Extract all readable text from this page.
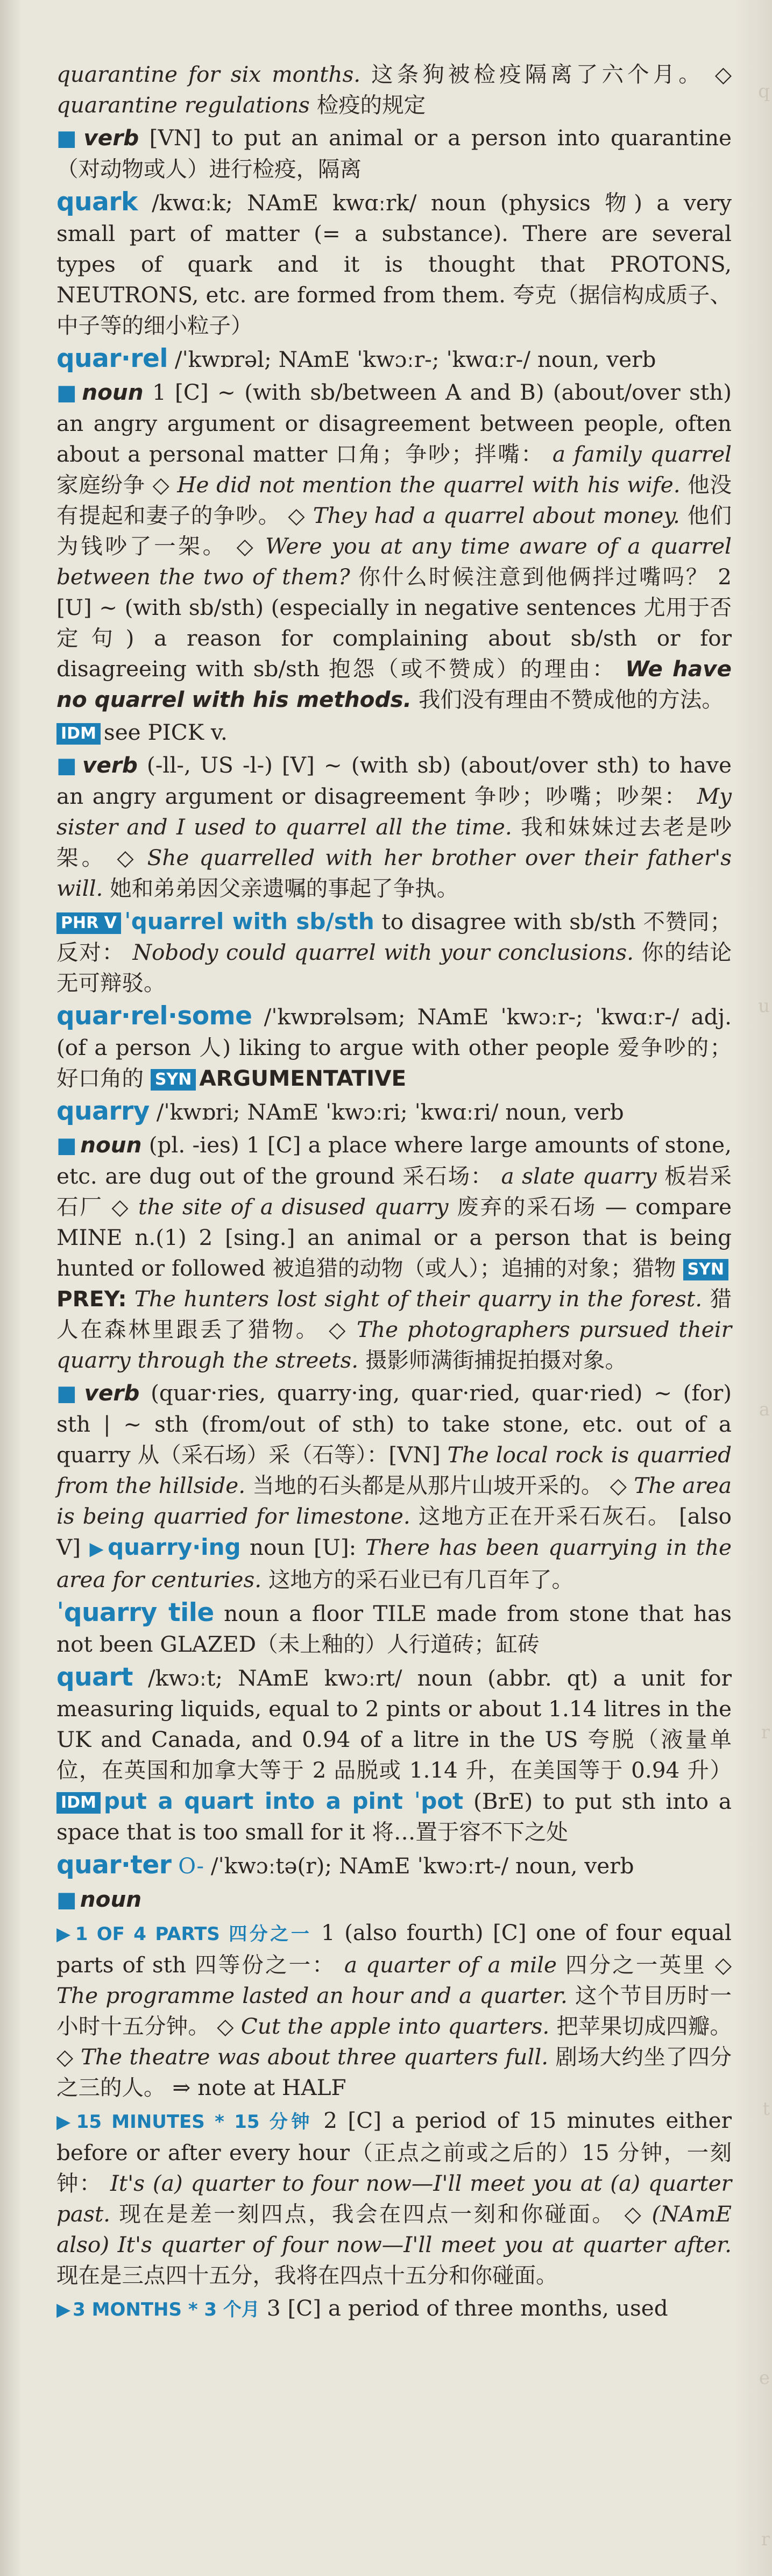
q
u
a
r
t
e
r

quarantine for six months. 这条狗被检疫隔离了六个月。 ◇ quarantine regulations 检疫的规定

■ verb [VN] to put an animal or a person into quarantine（对动物或人）进行检疫，隔离

quark /kwɑːk; NAmE kwɑːrk/ noun (physics 物) a very small part of matter (= a substance). There are several types of quark and it is thought that PROTONS, NEUTRONS, etc. are formed from them. 夸克（据信构成质子、中子等的细小粒子）

quar·rel /ˈkwɒrəl; NAmE ˈkwɔːr-; ˈkwɑːr-/ noun, verb

■ noun 1 [C] ~ (with sb/between A and B) (about/over sth) an angry argument or disagreement between people, often about a personal matter 口角；争吵；拌嘴： a family quarrel 家庭纷争 ◇ He did not mention the quarrel with his wife. 他没有提起和妻子的争吵。 ◇ They had a quarrel about money. 他们为钱吵了一架。 ◇ Were you at any time aware of a quarrel between the two of them? 你什么时候注意到他俩拌过嘴吗？ 2 [U] ~ (with sb/sth) (especially in negative sentences 尤用于否定句) a reason for complaining about sb/sth or for disagreeing with sb/sth 抱怨（或不赞成）的理由： We have no quarrel with his methods. 我们没有理由不赞成他的方法。

IDM see PICK v.

■ verb (-ll-, US -l-) [V] ~ (with sb) (about/over sth) to have an angry argument or disagreement 争吵；吵嘴；吵架： My sister and I used to quarrel all the time. 我和妹妹过去老是吵架。 ◇ She quarrelled with her brother over their father's will. 她和弟弟因父亲遗嘱的事起了争执。

PHR V ˈquarrel with sb/sth to disagree with sb/sth 不赞同；反对： Nobody could quarrel with your conclusions. 你的结论无可辩驳。

quar·rel·some /ˈkwɒrəlsəm; NAmE ˈkwɔːr-; ˈkwɑːr-/ adj. (of a person 人) liking to argue with other people 爱争吵的；好口角的 SYN ARGUMENTATIVE

quarry /ˈkwɒri; NAmE ˈkwɔːri; ˈkwɑːri/ noun, verb

■ noun (pl. -ies) 1 [C] a place where large amounts of stone, etc. are dug out of the ground 采石场： a slate quarry 板岩采石厂 ◇ the site of a disused quarry 废弃的采石场 — compare MINE n.(1) 2 [sing.] an animal or a person that is being hunted or followed 被追猎的动物（或人）；追捕的对象；猎物 SYNPREY: The hunters lost sight of their quarry in the forest. 猎人在森林里跟丢了猎物。 ◇ The photographers pursued their quarry through the streets. 摄影师满街捕捉拍摄对象。

■ verb (quar·ries, quarry·ing, quar·ried, quar·ried) ~ (for) sth | ~ sth (from/out of sth) to take stone, etc. out of a quarry 从（采石场）采（石等）：[VN] The local rock is quarried from the hillside. 当地的石头都是从那片山坡开采的。 ◇ The area is being quarried for limestone. 这地方正在开采石灰石。 [also V] ▶quarry·ing noun [U]: There has been quarrying in the area for centuries. 这地方的采石业已有几百年了。

ˈquarry tile noun a floor TILE made from stone that has not been GLAZED（未上釉的）人行道砖；缸砖

quart /kwɔːt; NAmE kwɔːrt/ noun (abbr. qt) a unit for measuring liquids, equal to 2 pints or about 1.14 litres in the UK and Canada, and 0.94 of a litre in the US 夸脱（液量单位，在英国和加拿大等于 2 品脱或 1.14 升，在美国等于 0.94 升） IDM put a quart into a pint ˈpot (BrE) to put sth into a space that is too small for it 将…置于容不下之处

quar·ter O- /ˈkwɔːtə(r); NAmE ˈkwɔːrt-/ noun, verb

■ noun

▶ 1 OF 4 PARTS 四分之一 1 (also fourth) [C] one of four equal parts of sth 四等份之一： a quarter of a mile 四分之一英里 ◇ The programme lasted an hour and a quarter. 这个节目历时一小时十五分钟。 ◇ Cut the apple into quarters. 把苹果切成四瓣。 ◇ The theatre was about three quarters full. 剧场大约坐了四分之三的人。 ⇒ note at HALF

▶ 15 MINUTES * 15 分钟 2 [C] a period of 15 minutes either before or after every hour（正点之前或之后的）15 分钟，一刻钟： It's (a) quarter to four now—I'll meet you at (a) quarter past. 现在是差一刻四点，我会在四点一刻和你碰面。 ◇ (NAmE also) It's quarter of four now—I'll meet you at quarter after. 现在是三点四十五分，我将在四点十五分和你碰面。

▶ 3 MONTHS * 3 个月 3 [C] a period of three months, used
